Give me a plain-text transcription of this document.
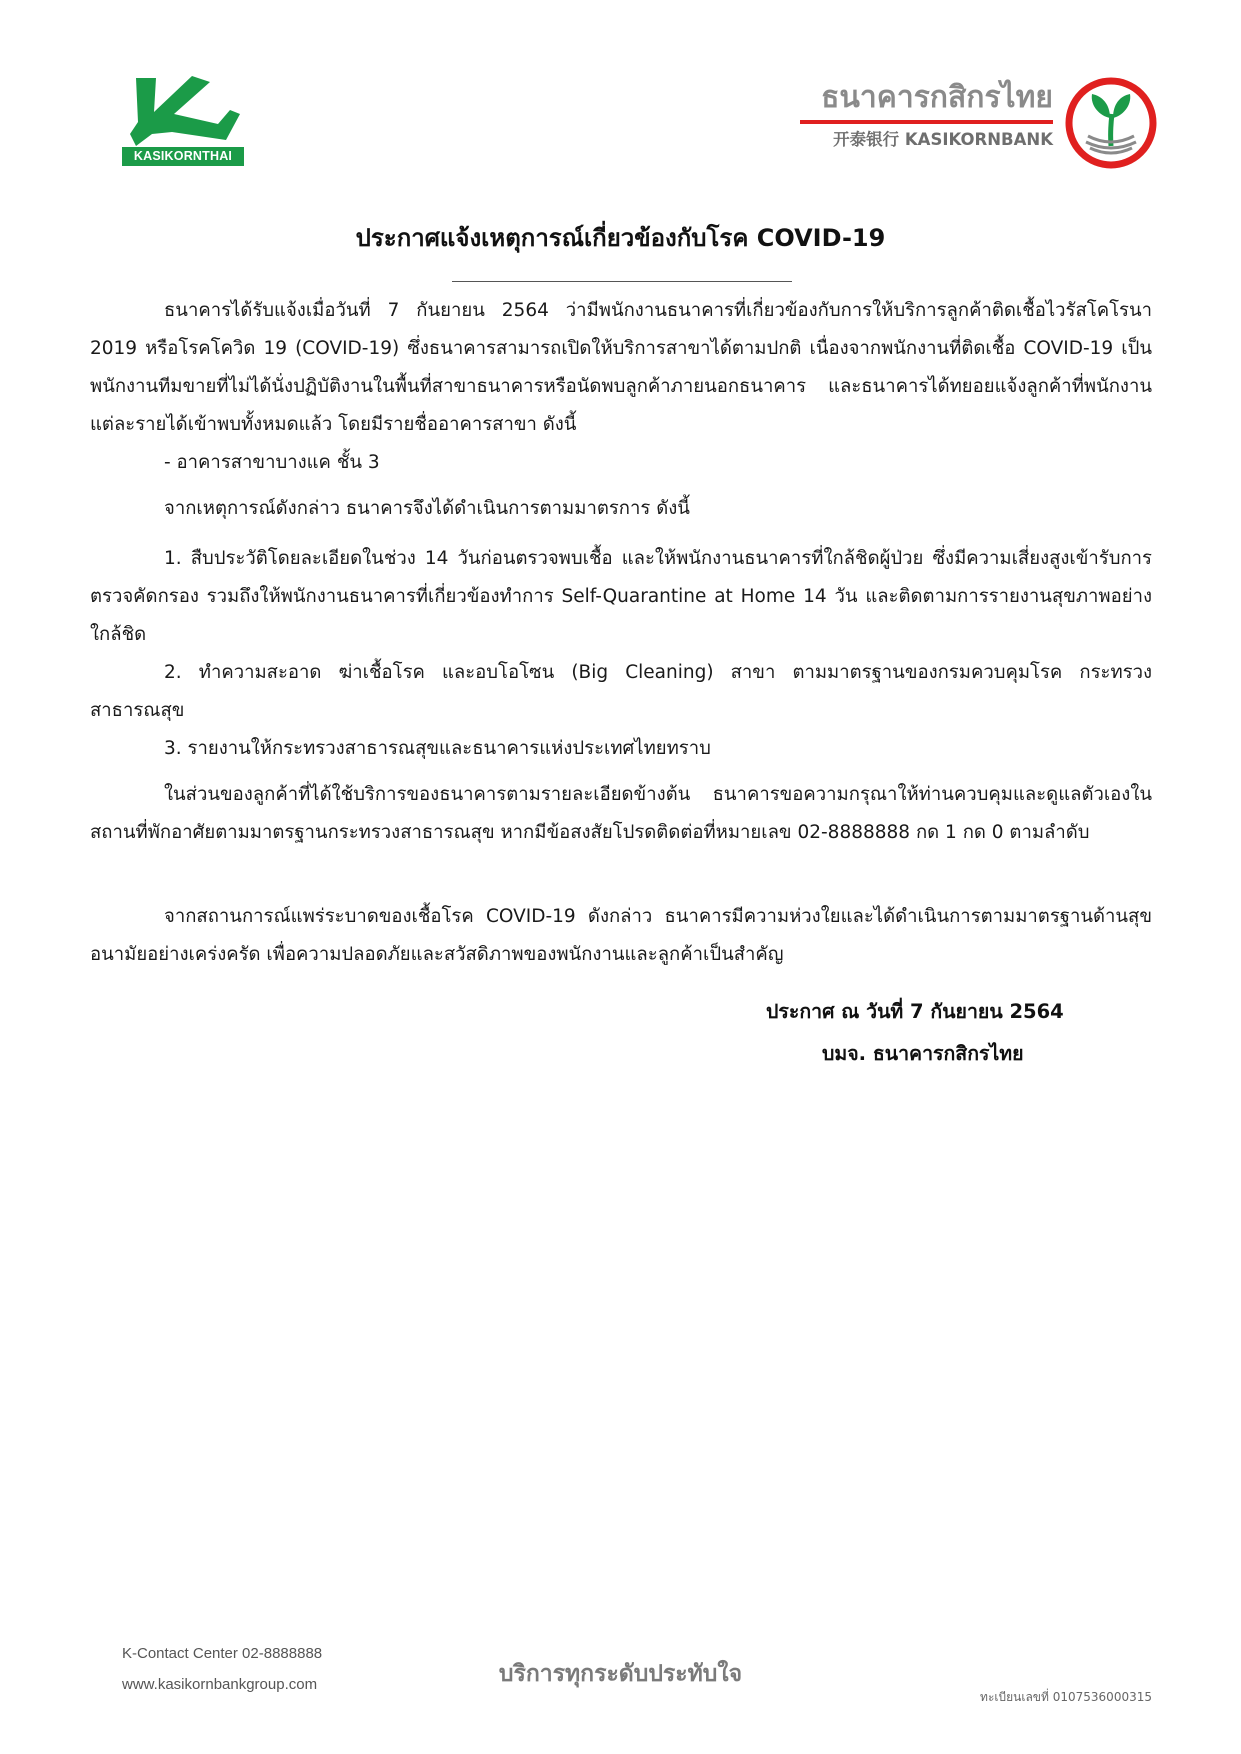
KASIKORNTHAI
ธนาคารกสิกรไทย
开泰银行 KASIKORNBANK
ประกาศแจ้งเหตุการณ์เกี่ยวข้องกับโรค COVID-19
ธนาคารได้รับแจ้งเมื่อวันที่ 7 กันยายน 2564 ว่ามีพนักงานธนาคารที่เกี่ยวข้องกับการให้บริการลูกค้าติดเชื้อไวรัสโคโรนา 2019 หรือโรคโควิด 19 (COVID-19) ซึ่งธนาคารสามารถเปิดให้บริการสาขาได้ตามปกติ เนื่องจากพนักงานที่ติดเชื้อ COVID-19 เป็นพนักงานทีมขายที่ไม่ได้นั่งปฏิบัติงานในพื้นที่สาขาธนาคารหรือนัดพบลูกค้าภายนอกธนาคาร และธนาคารได้ทยอยแจ้งลูกค้าที่พนักงานแต่ละรายได้เข้าพบทั้งหมดแล้ว โดยมีรายชื่ออาคารสาขา ดังนี้
- อาคารสาขาบางแค ชั้น 3
จากเหตุการณ์ดังกล่าว ธนาคารจึงได้ดำเนินการตามมาตรการ ดังนี้
1. สืบประวัติโดยละเอียดในช่วง 14 วันก่อนตรวจพบเชื้อ และให้พนักงานธนาคารที่ใกล้ชิดผู้ป่วย ซึ่งมีความเสี่ยงสูงเข้ารับการตรวจคัดกรอง รวมถึงให้พนักงานธนาคารที่เกี่ยวข้องทำการ Self-Quarantine at Home 14 วัน และติดตามการรายงานสุขภาพอย่างใกล้ชิด
2. ทำความสะอาด ฆ่าเชื้อโรค และอบโอโซน (Big Cleaning) สาขา ตามมาตรฐานของกรมควบคุมโรค กระทรวงสาธารณสุข
3. รายงานให้กระทรวงสาธารณสุขและธนาคารแห่งประเทศไทยทราบ
ในส่วนของลูกค้าที่ได้ใช้บริการของธนาคารตามรายละเอียดข้างต้น ธนาคารขอความกรุณาให้ท่านควบคุมและดูแลตัวเองในสถานที่พักอาศัยตามมาตรฐานกระทรวงสาธารณสุข หากมีข้อสงสัยโปรดติดต่อที่หมายเลข 02-8888888 กด 1 กด 0 ตามลำดับ
จากสถานการณ์แพร่ระบาดของเชื้อโรค COVID-19 ดังกล่าว ธนาคารมีความห่วงใยและได้ดำเนินการตามมาตรฐานด้านสุขอนามัยอย่างเคร่งครัด เพื่อความปลอดภัยและสวัสดิภาพของพนักงานและลูกค้าเป็นสำคัญ
ประกาศ ณ วันที่ 7 กันยายน 2564
บมจ. ธนาคารกสิกรไทย
K-Contact Center 02-8888888
www.kasikornbankgroup.com	บริการทุกระดับประทับใจ
ทะเบียนเลขที่ 0107536000315
